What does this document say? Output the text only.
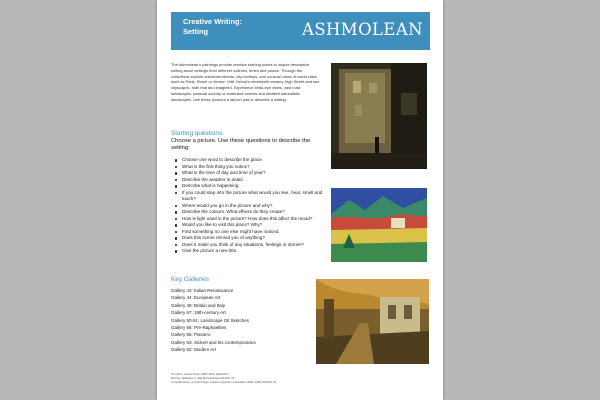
Creative Writing:
Setting	ASHMOLEAN
The Ashmolean's paintings provide creative starting points to inspire descriptive writing about settings from different cultures, times and places. Through the collections explore suburban streets, city rooftops, and unusual views of world cities such as Paris, Rome or Venice. Visit Oxford's nineteenth century High Street and see cityscapes, both real and imagined. Experience birds-eye views, vast rural landscapes, pastoral country or waterside scenes and detailed naturalistic landscapes. Use these pictures a launch pad to describe a setting.
Starting questions:
Choose a picture. Use these questions to describe the setting:
Choose one word to describe the place.
What is the first thing you notice?
What is the time of day and time of year?
Describe the weather in detail.
Describe what is happening.
If you could step into the picture what would you see, hear, smell and touch?
Where would you go in the picture and why?
Describe the colours. What effects do they create?
How is light used in the picture? How does this affect the mood?
Would you like to visit this place? Why?
Find something no one else might have noticed.
Does this scene remind you of anything?
Does it make you think of any situations, feelings or stories?
Give the picture a new title.
Key Galleries
Gallery 43: Italian Renaissance
Gallery 44: European Art
Gallery 49: Britain and Italy
Gallery 67: 19th-century Art
Gallery 50-51: Landscape Oil Sketches
Gallery 66: Pre-Raphaelites
Gallery 65: Pissarro
Gallery 63: Sickert and his contemporaries
Gallery 62: Modern Art
The Slum, James Pryde (1866-1941) WA1949.2
Murnau: Staffelsee II, Wassily Kandinsky WA1997.15
A Candle Shop, Le Quai d'Alger, Eugène Augustin Lesbazeilles (1862-1935) WA1937.33
